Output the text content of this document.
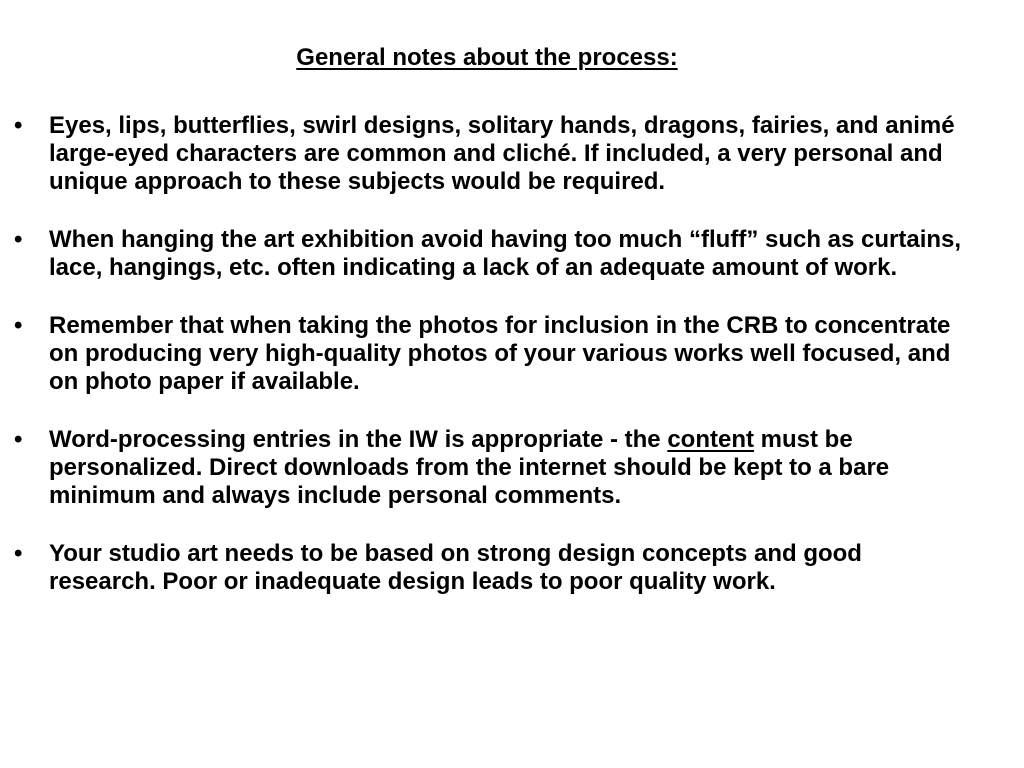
General notes about the process:
• Eyes, lips, butterflies, swirl designs, solitary hands, dragons, fairies, and animé large-eyed characters are common and cliché. If included, a very personal and unique approach to these subjects would be required.
• When hanging the art exhibition avoid having too much “fluff” such as curtains, lace, hangings, etc. often indicating a lack of an adequate amount of work.
• Remember that when taking the photos for inclusion in the CRB to concentrate on producing very high-quality photos of your various works well focused, and on photo paper if available.
• Word-processing entries in the IW is appropriate - the content must be personalized. Direct downloads from the internet should be kept to a bare minimum and always include personal comments.
• Your studio art needs to be based on strong design concepts and good research. Poor or inadequate design leads to poor quality work.
